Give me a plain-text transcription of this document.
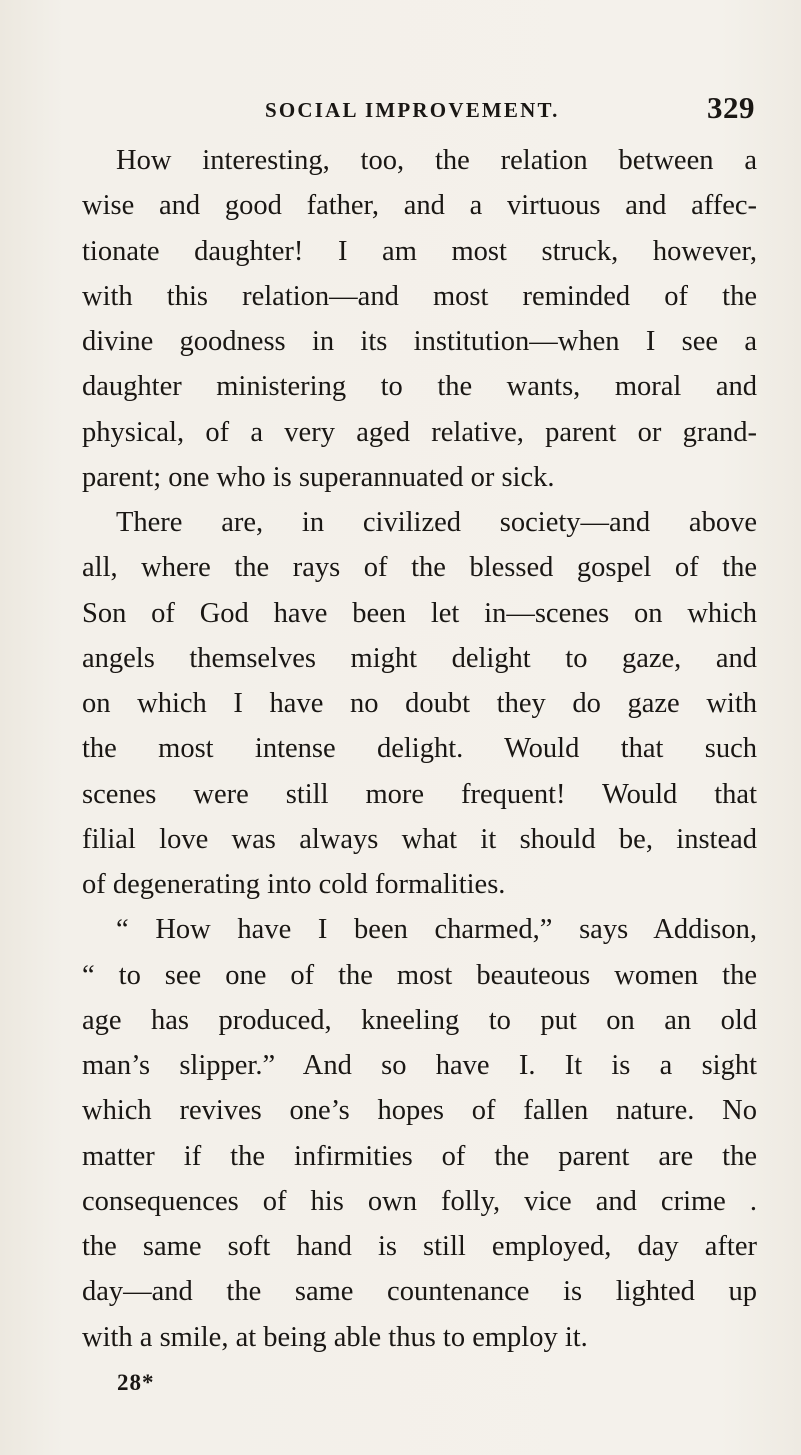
SOCIAL IMPROVEMENT.	329
How interesting, too, the relation between a
wise and good father, and a virtuous and affec-
tionate daughter! I am most struck, however,
with this relation—and most reminded of the
divine goodness in its institution—when I see a
daughter ministering to the wants, moral and
physical, of a very aged relative, parent or grand-
parent; one who is superannuated or sick.
There are, in civilized society—and above
all, where the rays of the blessed gospel of the
Son of God have been let in—scenes on which
angels themselves might delight to gaze, and
on which I have no doubt they do gaze with
the most intense delight. Would that such
scenes were still more frequent! Would that
filial love was always what it should be, instead
of degenerating into cold formalities.
“ How have I been charmed,” says Addison,
“ to see one of the most beauteous women the
age has produced, kneeling to put on an old
man’s slipper.” And so have I. It is a sight
which revives one’s hopes of fallen nature. No
matter if the infirmities of the parent are the
consequences of his own folly, vice and crime .
the same soft hand is still employed, day after
day—and the same countenance is lighted up
with a smile, at being able thus to employ it.
28*
